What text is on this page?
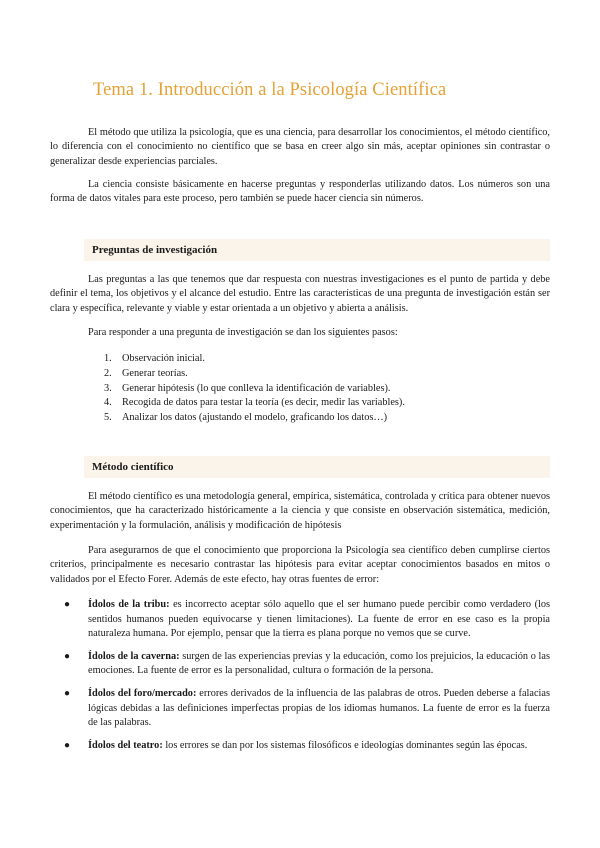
Tema 1. Introducción a la Psicología Científica

El método que utiliza la psicología, que es una ciencia, para desarrollar los conocimientos, el método científico, lo diferencia con el conocimiento no científico que se basa en creer algo sin más, aceptar opiniones sin contrastar o generalizar desde experiencias parciales.

La ciencia consiste básicamente en hacerse preguntas y responderlas utilizando datos. Los números son una forma de datos vitales para este proceso, pero también se puede hacer ciencia sin números.

Preguntas de investigación

Las preguntas a las que tenemos que dar respuesta con nuestras investigaciones es el punto de partida y debe definir el tema, los objetivos y el alcance del estudio. Entre las características de una pregunta de investigación están ser clara y específica, relevante y viable y estar orientada a un objetivo y abierta a análisis.

Para responder a una pregunta de investigación se dan los siguientes pasos:

1. Observación inicial.
2. Generar teorías.
3. Generar hipótesis (lo que conlleva la identificación de variables).
4. Recogida de datos para testar la teoría (es decir, medir las variables).
5. Analizar los datos (ajustando el modelo, graficando los datos…)
Método científico

El método científico es una metodología general, empírica, sistemática, controlada y crítica para obtener nuevos conocimientos, que ha caracterizado históricamente a la ciencia y que consiste en observación sistemática, medición, experimentación y la formulación, análisis y modificación de hipótesis

Para asegurarnos de que el conocimiento que proporciona la Psicología sea científico deben cumplirse ciertos criterios, principalmente es necesario contrastar las hipótesis para evitar aceptar conocimientos basados en mitos o validados por el Efecto Forer. Además de este efecto, hay otras fuentes de error:

● Ídolos de la tribu: es incorrecto aceptar sólo aquello que el ser humano puede percibir como verdadero (los sentidos humanos pueden equivocarse y tienen limitaciones). La fuente de error en ese caso es la propia naturaleza humana. Por ejemplo, pensar que la tierra es plana porque no vemos que se curve.
● Ídolos de la caverna: surgen de las experiencias previas y la educación, como los prejuicios, la educación o las emociones. La fuente de error es la personalidad, cultura o formación de la persona.
● Ídolos del foro/mercado: errores derivados de la influencia de las palabras de otros. Pueden deberse a falacias lógicas debidas a las definiciones imperfectas propias de los idiomas humanos. La fuente de error es la fuerza de las palabras.
● Ídolos del teatro: los errores se dan por los sistemas filosóficos e ideologías dominantes según las épocas.
